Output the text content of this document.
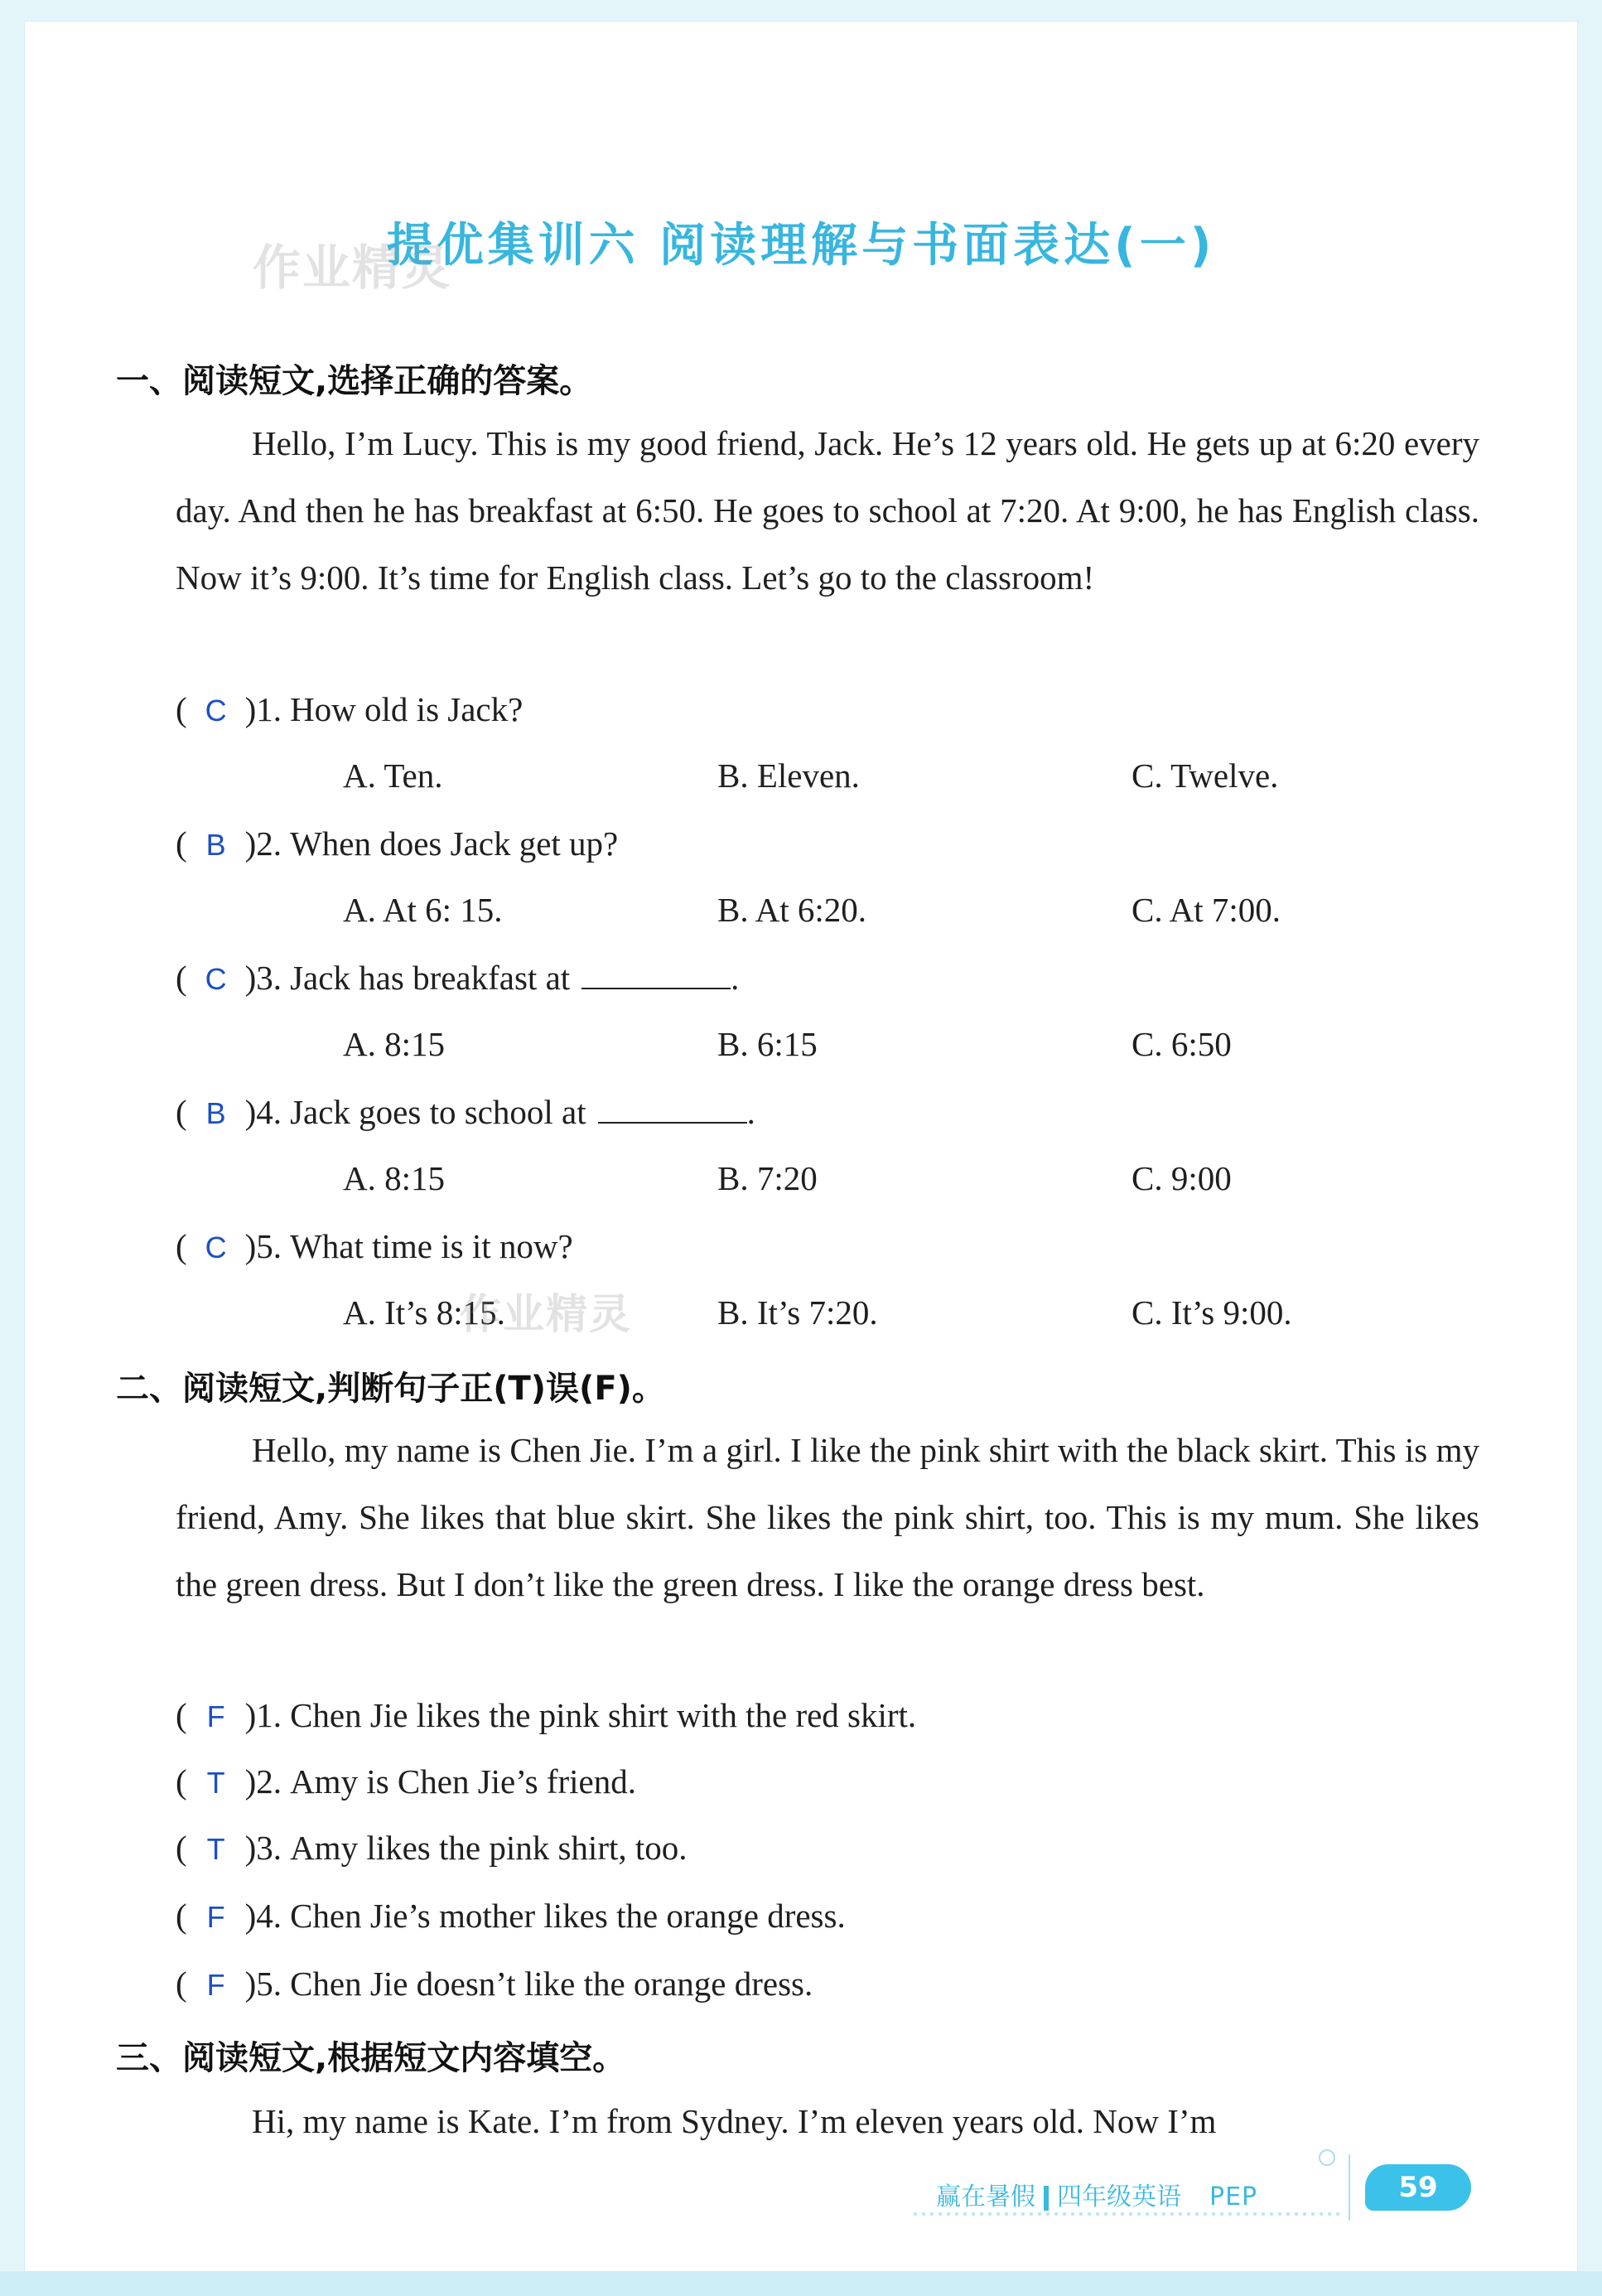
提优集训六 阅读理解与书面表达(一)
作业精灵
一、阅读短文,选择正确的答案。

Hello, I’m Lucy. This is my good friend, Jack. He’s 12 years old. He gets up at 6:20 every day. And then he has breakfast at 6:50. He goes to school at 7:20. At 9:00, he has English class. Now it’s 9:00. It’s time for English class. Let’s go to the classroom!

( C )1. How old is Jack?
A. Ten.	B. Eleven.	C. Twelve.
( B )2. When does Jack get up?
A. At 6: 15.	B. At 6:20.	C. At 7:00.
( C )3. Jack has breakfast at	.
A. 8:15	B. 6:15	C. 6:50
( B )4. Jack goes to school at	.
A. 8:15	B. 7:20	C. 9:00
( C )5. What time is it now?
A. It’s 8:15.	B. It’s 7:20.	C. It’s 9:00.
作业精灵
二、阅读短文,判断句子正(T)误(F)。

Hello, my name is Chen Jie. I’m a girl. I like the pink shirt with the black skirt. This is my friend, Amy. She likes that blue skirt. She likes the pink shirt, too. This is my mum. She likes the green dress. But I don’t like the green dress. I like the orange dress best.

( F )1. Chen Jie likes the pink shirt with the red skirt.
( T )2. Amy is Chen Jie’s friend.
( T )3. Amy likes the pink shirt, too.
( F )4. Chen Jie’s mother likes the orange dress.
( F )5. Chen Jie doesn’t like the orange dress.
三、阅读短文,根据短文内容填空。

Hi, my name is Kate. I’m from Sydney. I’m eleven years old. Now I’m

赢在暑假 四年级英语 PEP	59
